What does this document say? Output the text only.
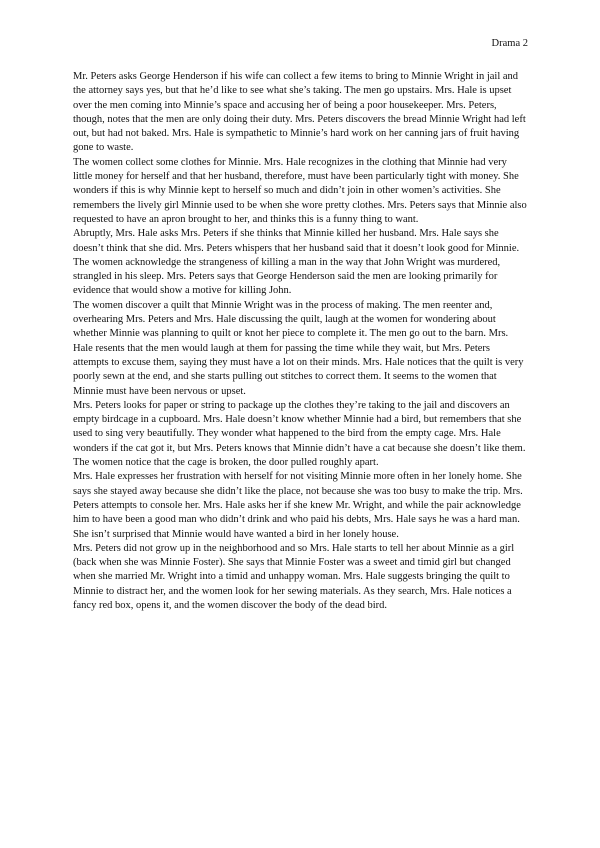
Drama 2

Mr. Peters asks George Henderson if his wife can collect a few items to bring to Minnie Wright in jail and the attorney says yes, but that he’d like to see what she’s taking. The men go upstairs. Mrs. Hale is upset over the men coming into Minnie’s space and accusing her of being a poor housekeeper. Mrs. Peters, though, notes that the men are only doing their duty. Mrs. Peters discovers the bread Minnie Wright had left out, but had not baked. Mrs. Hale is sympathetic to Minnie’s hard work on her canning jars of fruit having gone to waste.

The women collect some clothes for Minnie. Mrs. Hale recognizes in the clothing that Minnie had very little money for herself and that her husband, therefore, must have been particularly tight with money. She wonders if this is why Minnie kept to herself so much and didn’t join in other women’s activities. She remembers the lively girl Minnie used to be when she wore pretty clothes. Mrs. Peters says that Minnie also requested to have an apron brought to her, and thinks this is a funny thing to want.

Abruptly, Mrs. Hale asks Mrs. Peters if she thinks that Minnie killed her husband. Mrs. Hale says she doesn’t think that she did. Mrs. Peters whispers that her husband said that it doesn’t look good for Minnie. The women acknowledge the strangeness of killing a man in the way that John Wright was murdered, strangled in his sleep. Mrs. Peters says that George Henderson said the men are looking primarily for evidence that would show a motive for killing John.

The women discover a quilt that Minnie Wright was in the process of making. The men reenter and, overhearing Mrs. Peters and Mrs. Hale discussing the quilt, laugh at the women for wondering about whether Minnie was planning to quilt or knot her piece to complete it. The men go out to the barn. Mrs. Hale resents that the men would laugh at them for passing the time while they wait, but Mrs. Peters attempts to excuse them, saying they must have a lot on their minds. Mrs. Hale notices that the quilt is very poorly sewn at the end, and she starts pulling out stitches to correct them. It seems to the women that Minnie must have been nervous or upset.

Mrs. Peters looks for paper or string to package up the clothes they’re taking to the jail and discovers an empty birdcage in a cupboard. Mrs. Hale doesn’t know whether Minnie had a bird, but remembers that she used to sing very beautifully. They wonder what happened to the bird from the empty cage. Mrs. Hale wonders if the cat got it, but Mrs. Peters knows that Minnie didn’t have a cat because she doesn’t like them. The women notice that the cage is broken, the door pulled roughly apart.

Mrs. Hale expresses her frustration with herself for not visiting Minnie more often in her lonely home. She says she stayed away because she didn’t like the place, not because she was too busy to make the trip. Mrs. Peters attempts to console her. Mrs. Hale asks her if she knew Mr. Wright, and while the pair acknowledge him to have been a good man who didn’t drink and who paid his debts, Mrs. Hale says he was a hard man. She isn’t surprised that Minnie would have wanted a bird in her lonely house.

Mrs. Peters did not grow up in the neighborhood and so Mrs. Hale starts to tell her about Minnie as a girl (back when she was Minnie Foster). She says that Minnie Foster was a sweet and timid girl but changed when she married Mr. Wright into a timid and unhappy woman. Mrs. Hale suggests bringing the quilt to Minnie to distract her, and the women look for her sewing materials. As they search, Mrs. Hale notices a fancy red box, opens it, and the women discover the body of the dead bird.
